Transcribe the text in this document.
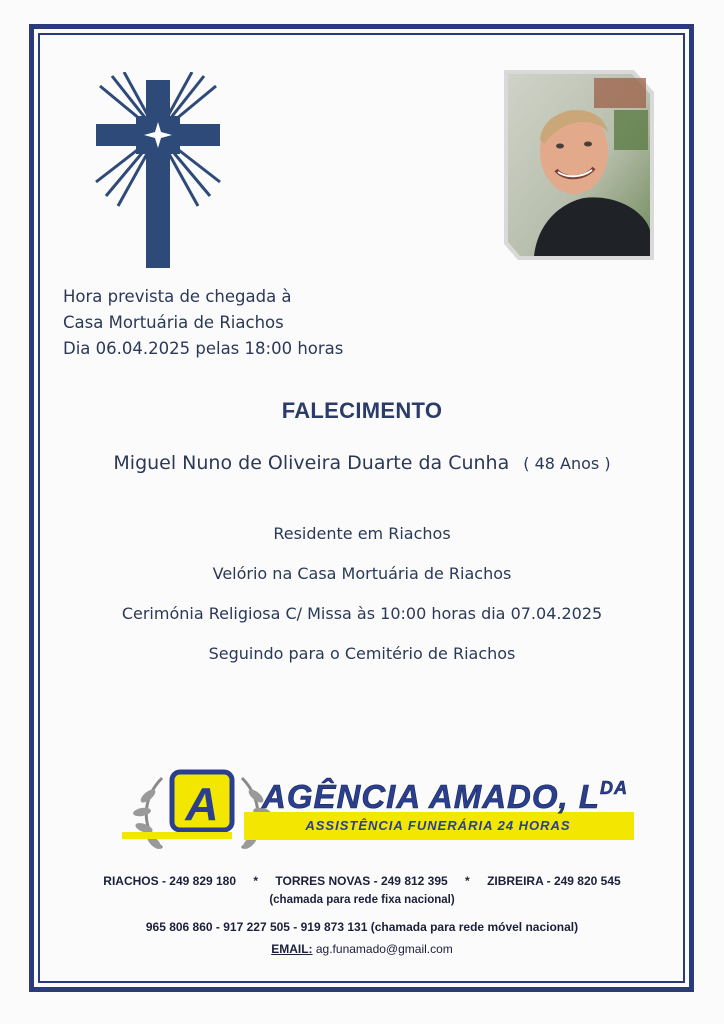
Hora prevista de chegada à
Casa Mortuária de Riachos
Dia 06.04.2025 pelas 18:00 horas
FALECIMENTO
Miguel Nuno de Oliveira Duarte da Cunha ( 48 Anos )
Residente em Riachos
Velório na Casa Mortuária de Riachos
Cerimónia Religiosa C/ Missa às 10:00 horas dia 07.04.2025
Seguindo para o Cemitério de Riachos
A AGÊNCIA AMADO, $L^{DA}$
ASSISTÊNCIA FUNERÁRIA 24 HORAS
RIACHOS - 249 829 180 * TORRES NOVAS - 249 812 395 * ZIBREIRA - 249 820 545
(chamada para rede fixa nacional)
965 806 860 - 917 227 505 - 919 873 131 (chamada para rede móvel nacional)
EMAIL: ag.funamado@gmail.com
